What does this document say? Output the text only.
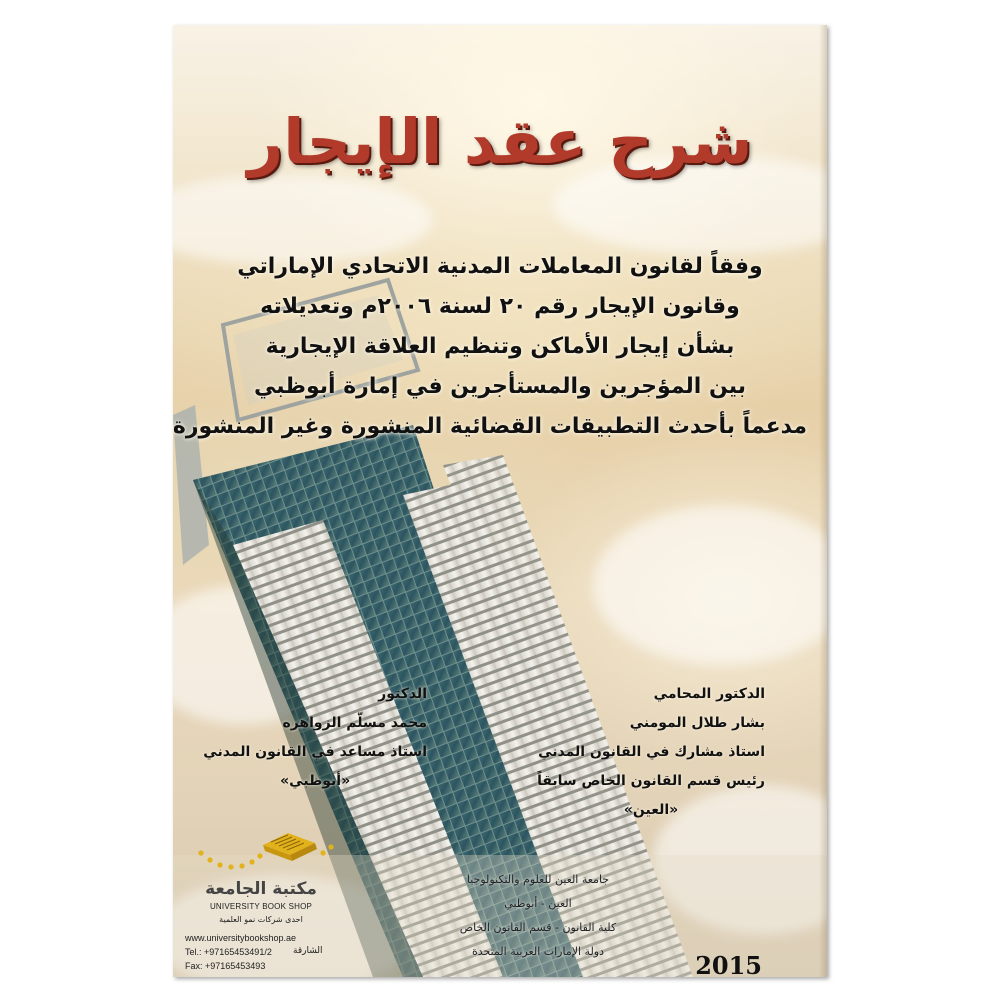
شرح عقد الإيجار
وفقاً لقانون المعاملات المدنية الاتحادي الإماراتي
وقانون الإيجار رقم ٢٠ لسنة ٢٠٠٦م وتعديلاته
بشأن إيجار الأماكن وتنظيم العلاقة الإيجارية
بين المؤجرين والمستأجرين في إمارة أبوظبي
مدعماً بأحدث التطبيقات القضائية المنشورة وغير المنشورة
الدكتور المحامي
بشار طلال المومني
استاذ مشارك في القانون المدني
رئيس قسم القانون الخاص سابقاً
«العين»
الدكتور
محمد مسلّم الزواهره
استاذ مساعد في القانون المدني
«أبوظبي»
جامعة العين للعلوم والتكنولوجيا
العين - أبوظبي
كلية القانون - قسم القانون الخاص
دولة الإمارات العربية المتحدة	2015
مكتبة الجامعة
UNIVERSITY BOOK SHOP
احدى شركات نمو العلمية
www.universitybookshop.ae
Tel.: +97165453491/2
Fax: +97165453493
الشارقة
